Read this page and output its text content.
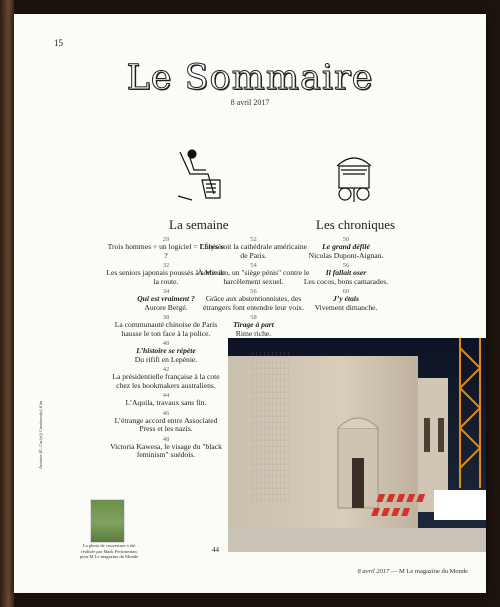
15
Le Sommaire
8 avril 2017
La semaine	Les chroniques
29
Trois hommes + un logiciel = l’Élysée ?
32
Les seniors japonais poussés à sortir de la route.
34
Qui est vraiment ?
Aurore Bergé.
38
La communauté chinoise de Paris hausse le ton face à la police.
40
L’histoire se répète
Du rififi en Lepénie.
42
La présidentielle française à la cote chez les bookmakers australiens.
44
L’Aquila, travaux sans fin.
46
L’étrange accord entre Associated Press et les nazis.
48
Victoria Kawesa, le visage du "black feminism" suédois.
52
Loués soit la cathédrale américaine de Paris.
54
À Mexico, un "siège pénis" contre le harcèlement sexuel.
56
Grâce aux abstentionnistes, des étrangers font entendre leur voix.
58
Tirage à part
Rime riche.
50
Le grand défilé
Nicolas Dupont-Aignan.
56
Il fallait oser
Les cocos, bons camarades.
60
J’y étais
Vivement dimanche.
44
La photo de couverture a été réalisée par Mark Peckmezian pour M Le magazine du Monde
Antoine (É. Cat.(e)) Continent(s) film
8 avril 2017 — M Le magazine du Monde
